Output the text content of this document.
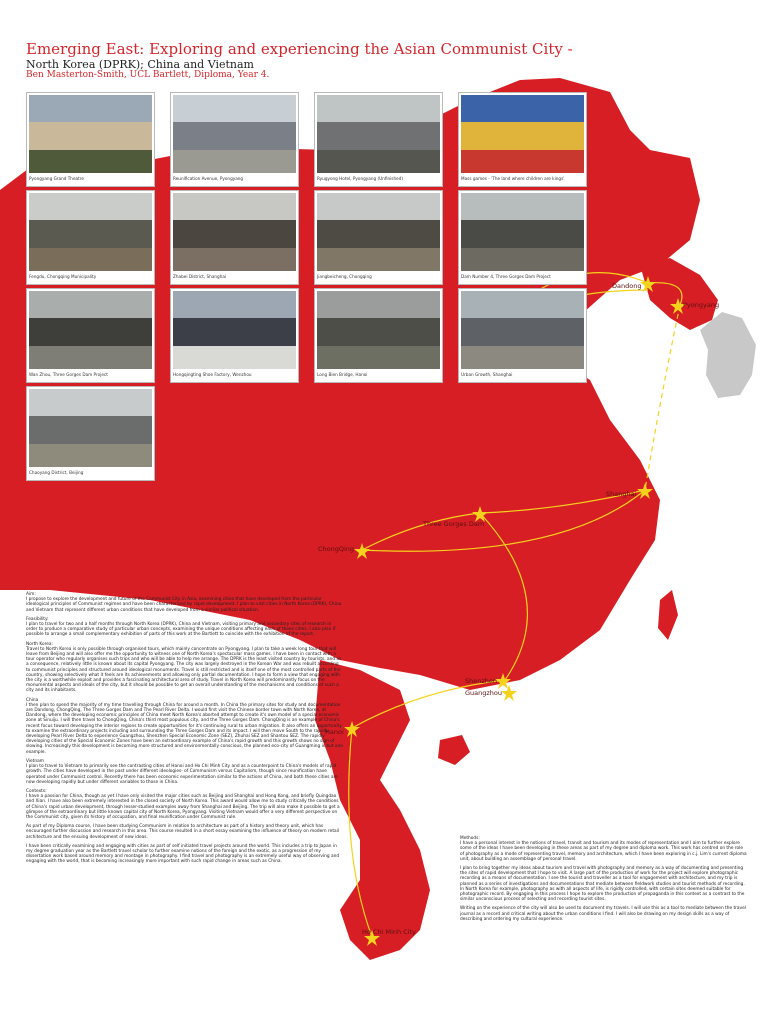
Dandong
Pyongyang
Shanghai
Three Gorges Dam
ChongQing
Shenzhen
Guangzhou
Hanoi
Ho Chi Minh City
Emerging East: Exploring and experiencing the Asian Communist City -
North Korea (DPRK); China and Vietnam
Ben Masterton-Smith, UCL Bartlett, Diploma, Year 4.
Pyongyang Grand Theatre	Reunification Avenue, Pyongyang	Ryugyong Hotel, Pyongyang (Unfinished)	Mass games - 'The land where children are kings'
Fengdu, Chongqing Municipality	Zhabei District, Shanghai	Jiangbeicheng, Chongqing	Dam Number 4, Three Gorges Dam Project
Wan Zhou, Three Gorges Dam Project	Hongqingting Shoe Factory, Wenzhou	Long Bien Bridge, Hanoi	Urban Growth, Shanghai
Chaoyang District, Beijing

Aim:
I propose to explore the development and future of the Communist City in Asia, examining cities that have developed from the particular ideological principles of Communist regimes and have been characterised by rapid development. I plan to visit cities in North Korea (DPRK), China and Vietnam that represent different urban conditions that have developed from a similar political situation.

Feasibility:
I plan to travel for two and a half months through North Korea (DPRK), China and Vietnam, visiting primary and secondary sites of research in order to produce a comparative study of particular urban concepts, examining the unique conditions affecting each of these cities. I also plan if possible to arrange a small complementary exhibition of parts of this work at the Bartlett to coincide with the exhibition of the report.

North Korea:
Travel to North Korea is only possible through organised tours, which mainly concentrate on Pyongyang. I plan to take a week long tour that will leave from Beijing and will also offer me the opportunity to witness one of North Korea's spectacular mass games. I have been in contact with a tour operator who regularly organises such trips and who will be able to help me arrange. The DPRK is the least visited country by tourists, and as a consequence, relatively little is known about its capital Pyongyang. The city was largely destroyed in the Korean War and was rebuilt according to communist principles and structured around ideological monuments. Travel is still restricted and is itself one of the most controlled parts of the country, showing selectively what it feels are its achievements and allowing only partial documentation. I hope to form a view that engaging with the city is a worthwhile exploit and provides a fascinating architectural area of study. Travel in North Korea will predominantly focus on the monumental aspects and ideals of the city, but it should be possible to get an overall understanding of the mechanisms and conditions of such a city and its inhabitants.

China
I then plan to spend the majority of my time travelling through China for around a month. In China the primary sites for study and documentation are Dandong, ChongQing, The Three Gorges Dam and The Pearl River Delta. I would first visit the Chinese border town with North Korea, at Dandong, where the developing economic principles of China meet North Korea's aborted attempt to create it's own model of a special economic zone at Sinuiju. I will then travel to ChongQing, China's third most populous city, and the Three Gorges Dam. ChongQing is an example of China's recent focus toward developing the interior regions to create opportunities for it's continuing rural to urban migration. It also offers an opportunity to examine the extraordinary projects including and surrounding the Three Gorges Dam and its impact. I will then move South to the rapidly developing Pearl River Delta to experience Guangzhou, Shenzhen Special Economic Zone (SEZ), Zhuhai SEZ and Shantou SEZ. The rapidly developing cities of the Special Economic Zones have been an extraordinary example of China's rapid growth and this growth shows no sign of slowing. Increasingly this development is becoming more structured and environmentally conscious, the planned eco-city of Guangming is but one example.

Vietnam
I plan to travel to Vietnam to primarily see the contrasting cities of Hanoi and Ho Chi Minh City and as a counterpoint to China's models of rapid growth. The cities have developed in the past under different ideologies- of Communism versus Capitalism, though since reunification have operated under Communist control. Recently there has been economic experimentation similar to the actions of China, and both these cities are now developing rapidly but under different variables to those in China.

Contexts:
I have a passion for China, though as yet I have only visited the major cities such as Beijing and Shanghai and Hong Kong, and briefly Quingdao and Xian. I have also been extremely interested in the closed society of North Korea. This award would allow me to study critically the conditions of China's rapid urban development, through lesser-studied examples away from Shanghai and Beijing. The trip will also make it possible to get a glimpse of the extraordinary but little known capital city of North Korea, Pyongyang. Visiting Vietnam would offer a very different perspective on the Communist city, given its history of occupation, and final reunification under Communist rule.

As part of my Diploma course, I have been studying Communism in relation to architecture as part of a history and theory unit, which has encouraged further discussion and research in this area. This course resulted in a short essay examining the influence of theory on modern retail architecture and the ensuing development of new ideas.

I have been critically examining and engaging with cities as part of self initiated travel projects around the world. This includes a trip to Japan in my degree graduation year as the Bartlett travel scholar to further examine notions of the foreign and the exotic, as a progression of my dissertation work based around memory and montage in photography. I find travel and photography is an extremely useful way of observing and engaging with the world, that is becoming increasingly more important with such rapid change in areas such as China.

Methods:
I have a personal interest in the notions of travel, transit and tourism and its modes of representation and I aim to further explore some of the ideas I have been developing in these areas as part of my degree and diploma work. This work has centred on the role of photography as a mode of representing travel, memory and architecture, which I have been exploring in c.j. Lim's current diploma unit, about building an assemblage of personal travel.

I plan to bring together my ideas about tourism and travel with photography and memory as a way of documenting and presenting the sites of rapid development that I hope to visit. A large part of the production of work for the project will explore photographic recording as a means of documentation. I see the tourist and traveller as a tool for engagement with architecture, and my trip is planned as a series of investigations and documentations that mediate between fieldwork studies and tourist methods of recording. In North Korea for example, photography as with all aspects of life, is rigidly controlled, with certain sites deemed suitable for photographic record. By engaging in this process I hope to explore the production of propaganda in this context as a contrast to the similar unconscious process of selecting and recording tourist sites.

Writing on the experience of the city will also be used to document my travels. I will use this as a tool to mediate between the travel journal as a record and critical writing about the urban conditions I find. I will also be drawing on my design skills as a way of describing and ordering my cultural experience.
